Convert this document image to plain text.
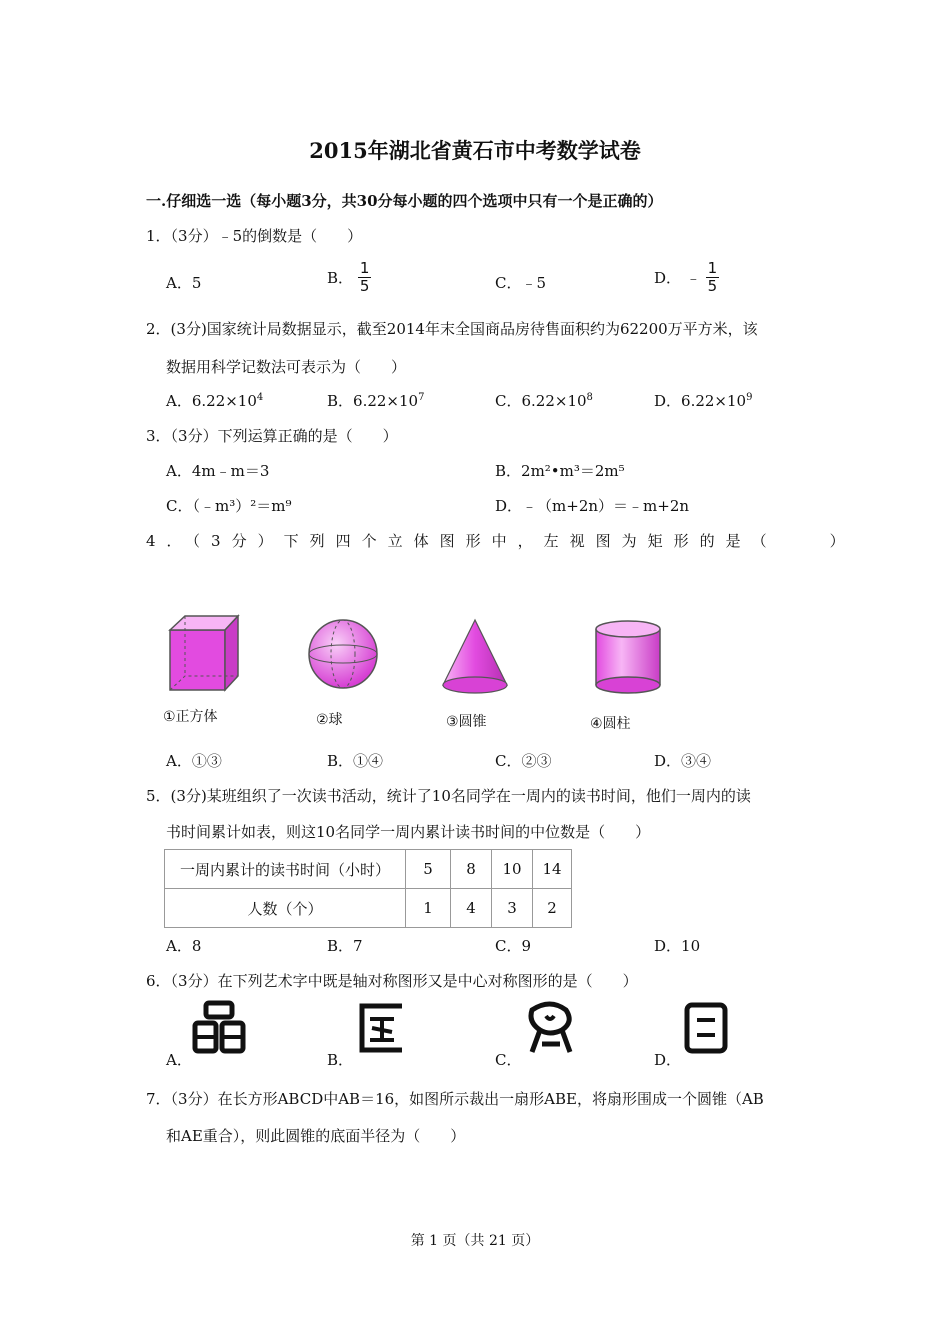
2015年湖北省黄石市中考数学试卷
一.仔细选一选（每小题3分，共30分每小题的四个选项中只有一个是正确的）
1．（3分）﹣5的倒数是（　　）
A．5	B． $\frac{1}{5}$	C．﹣5	D． ﹣ $\frac{1}{5}$
2．(3分)国家统计局数据显示，截至2014年末全国商品房待售面积约为62200万平方米，该
数据用科学记数法可表示为（　　）
A．$6.22\times 10^4$	B．$6.22\times 10^7$	C．$6.22\times 10^8$	D．$6.22\times 10^9$
3．（3分）下列运算正确的是（　　）
A．4m﹣m＝3	B．2m²•m³＝2m⁵
C．（﹣m³）²＝m⁹	D．﹣（m+2n）＝﹣m+2n
4．（3分）下列四个立体图形中，左视图为矩形的是（　　）
①正方体	②球	③圆锥	④圆柱
A．①③	B．①④	C．②③	D．③④
5．(3分)某班组织了一次读书活动，统计了10名同学在一周内的读书时间，他们一周内的读
书时间累计如表，则这10名同学一周内累计读书时间的中位数是（　　）
一周内累计的读书时间（小时）	5	8	10	14
人数（个）	1	4	3	2
A．8	B．7	C．9	D．10
6．（3分）在下列艺术字中既是轴对称图形又是中心对称图形的是（　　）
A．	B．	C．	D．
7．（3分）在长方形ABCD中AB＝16，如图所示裁出一扇形ABE，将扇形围成一个圆锥（AB
和AE重合），则此圆锥的底面半径为（　　）
第 1 页（共 21 页）
